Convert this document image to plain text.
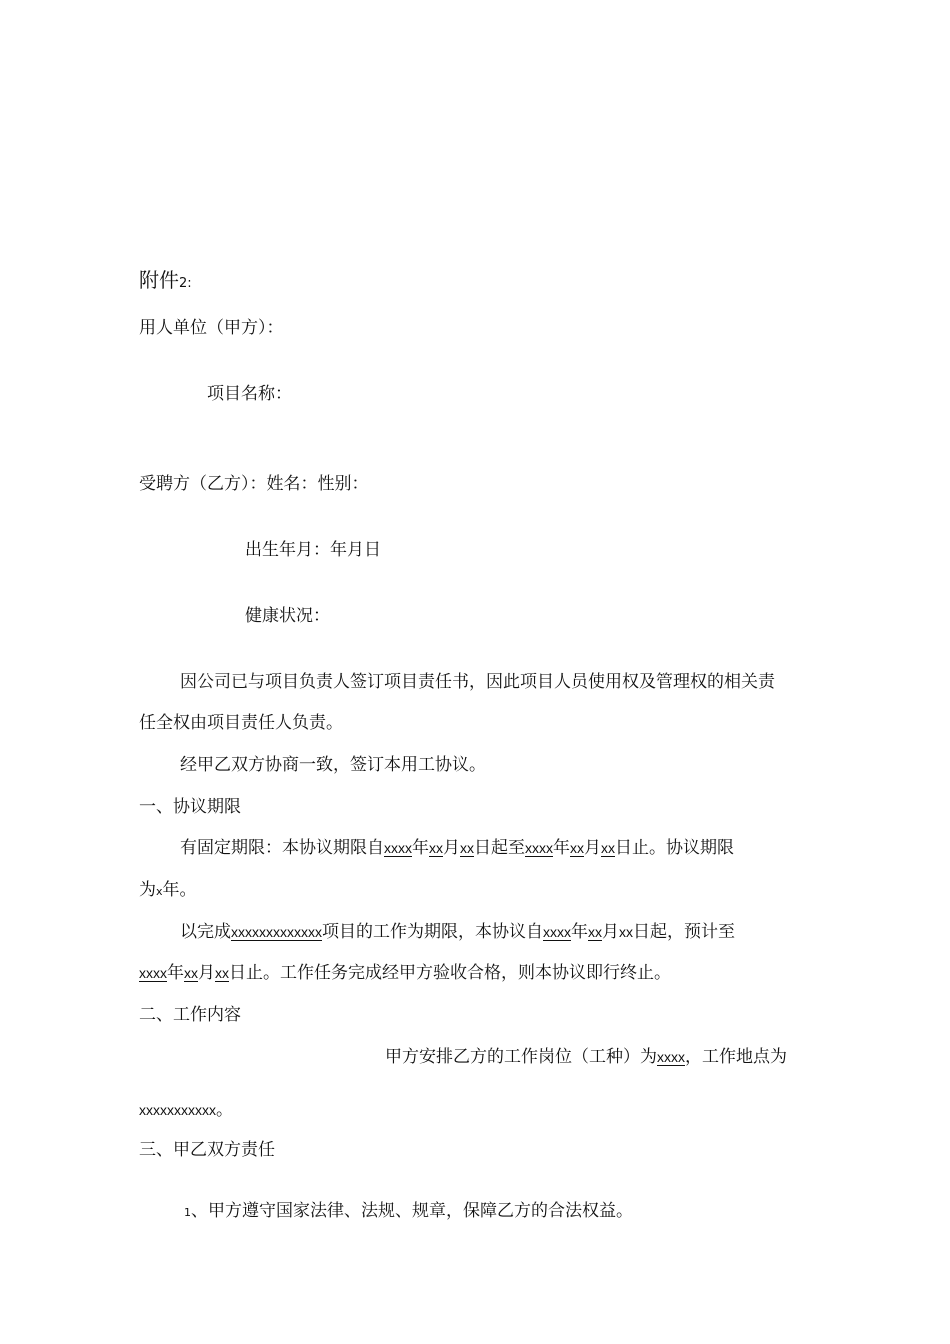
附件2:
用人单位（甲方）：
项目名称：
受聘方（乙方）：姓名：性别：
出生年月：年月日
健康状况：
因公司已与项目负责人签订项目责任书，因此项目人员使用权及管理权的相关责
任全权由项目责任人负责。
经甲乙双方协商一致，签订本用工协议。
一、协议期限
有固定期限：本协议期限自xxxx年xx月xx日起至xxxx年xx月xx日止。协议期限
为x年。
以完成xxxxxxxxxxxxx项目的工作为期限，本协议自xxxx年xx月xx日起，预计至
xxxx年xx月xx日止。工作任务完成经甲方验收合格，则本协议即行终止。
二、工作内容
甲方安排乙方的工作岗位（工种）为xxxx，工作地点为
xxxxxxxxxxx。
三、甲乙双方责任
1、甲方遵守国家法律、法规、规章，保障乙方的合法权益。
